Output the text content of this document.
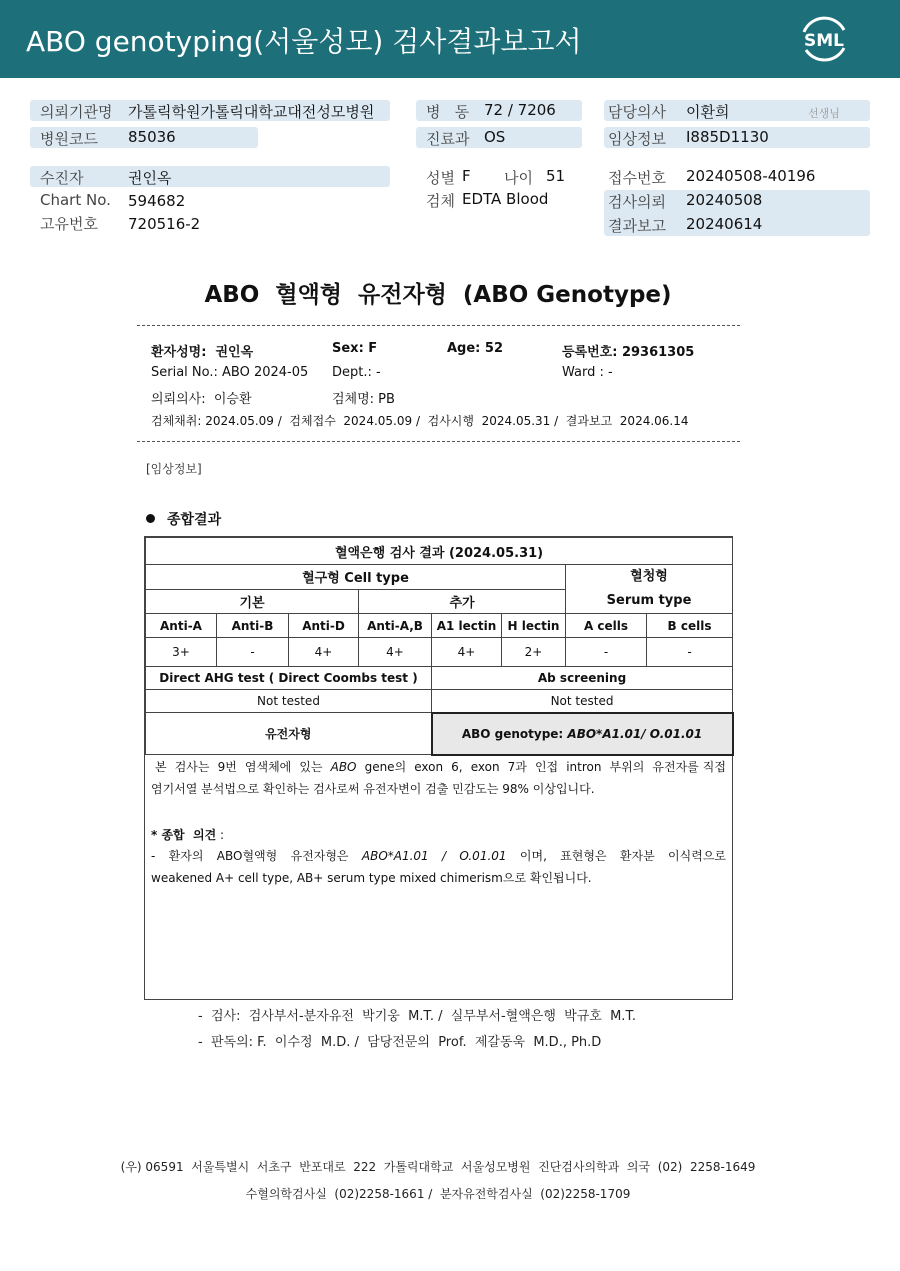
ABO genotyping(서울성모) 검사결과보고서	SML
의뢰기관명 가톨릭학원가톨릭대학교대전성모병원
병원코드 85036
병   동 72 / 7206
진료과 OS
담당의사 이환희	선생님
임상정보 I885D1130
수진자	권인옥
Chart No. 594682
고유번호 720516-2
성별 F 나이 51
검체 EDTA Blood
접수번호 20240508-40196
검사의뢰 20240508
결과보고 20240614
ABO  혈액형  유전자형  (ABO Genotype)
환자성명:  권인옥	Sex: F	Age: 52	등록번호: 29361305
Serial No.: ABO 2024-05 Dept.: -	Ward : -
의뢰의사:  이승환	검체명: PB
검체채취: 2024.05.09 /  검체접수  2024.05.09 /  검사시행  2024.05.31 /  결과보고  2024.06.14
[임상정보]
종합결과
혈액은행 검사 결과 (2024.05.31)							
혈구형 Cell type						혈청형
Serum type	

기본			추가				
Anti-A	Anti-B	Anti-D	Anti-A,B	A1 lectin	H lectin	A cells	B cells
3+	-	4+	4+	4+	2+	-	-
Direct AHG test ( Direct Coombs test )				Ab screening			
Not tested				Not tested			
유전자형				ABO genotype: ABO*A1.01/ O.01.01			
본  검사는  9번  염색체에  있는  ABO  gene의  exon  6,  exon  7과  인접  intron  부위의  유전자를 직접염기서열 분석법으로 확인하는 검사로써 유전자변이 검출 민감도는 98% 이상입니다.
* 종합  의견 :
-  환자의  ABO혈액형  유전자형은  ABO*A1.01  /  O.01.01  이며,  표현형은  환자분  이식력으로 weakened A+ cell type, AB+ serum type mixed chimerism으로 확인됩니다.
-  검사:  검사부서-분자유전  박기웅  M.T. /  실무부서-혈액은행  박규호  M.T.
-  판독의: F.  이수정  M.D. /  담당전문의  Prof.  제갈동욱  M.D., Ph.D
(우) 06591  서울특별시  서초구  반포대로  222  가톨릭대학교  서울성모병원  진단검사의학과  의국  (02)  2258-1649
수혈의학검사실  (02)2258-1661 /  분자유전학검사실  (02)2258-1709
